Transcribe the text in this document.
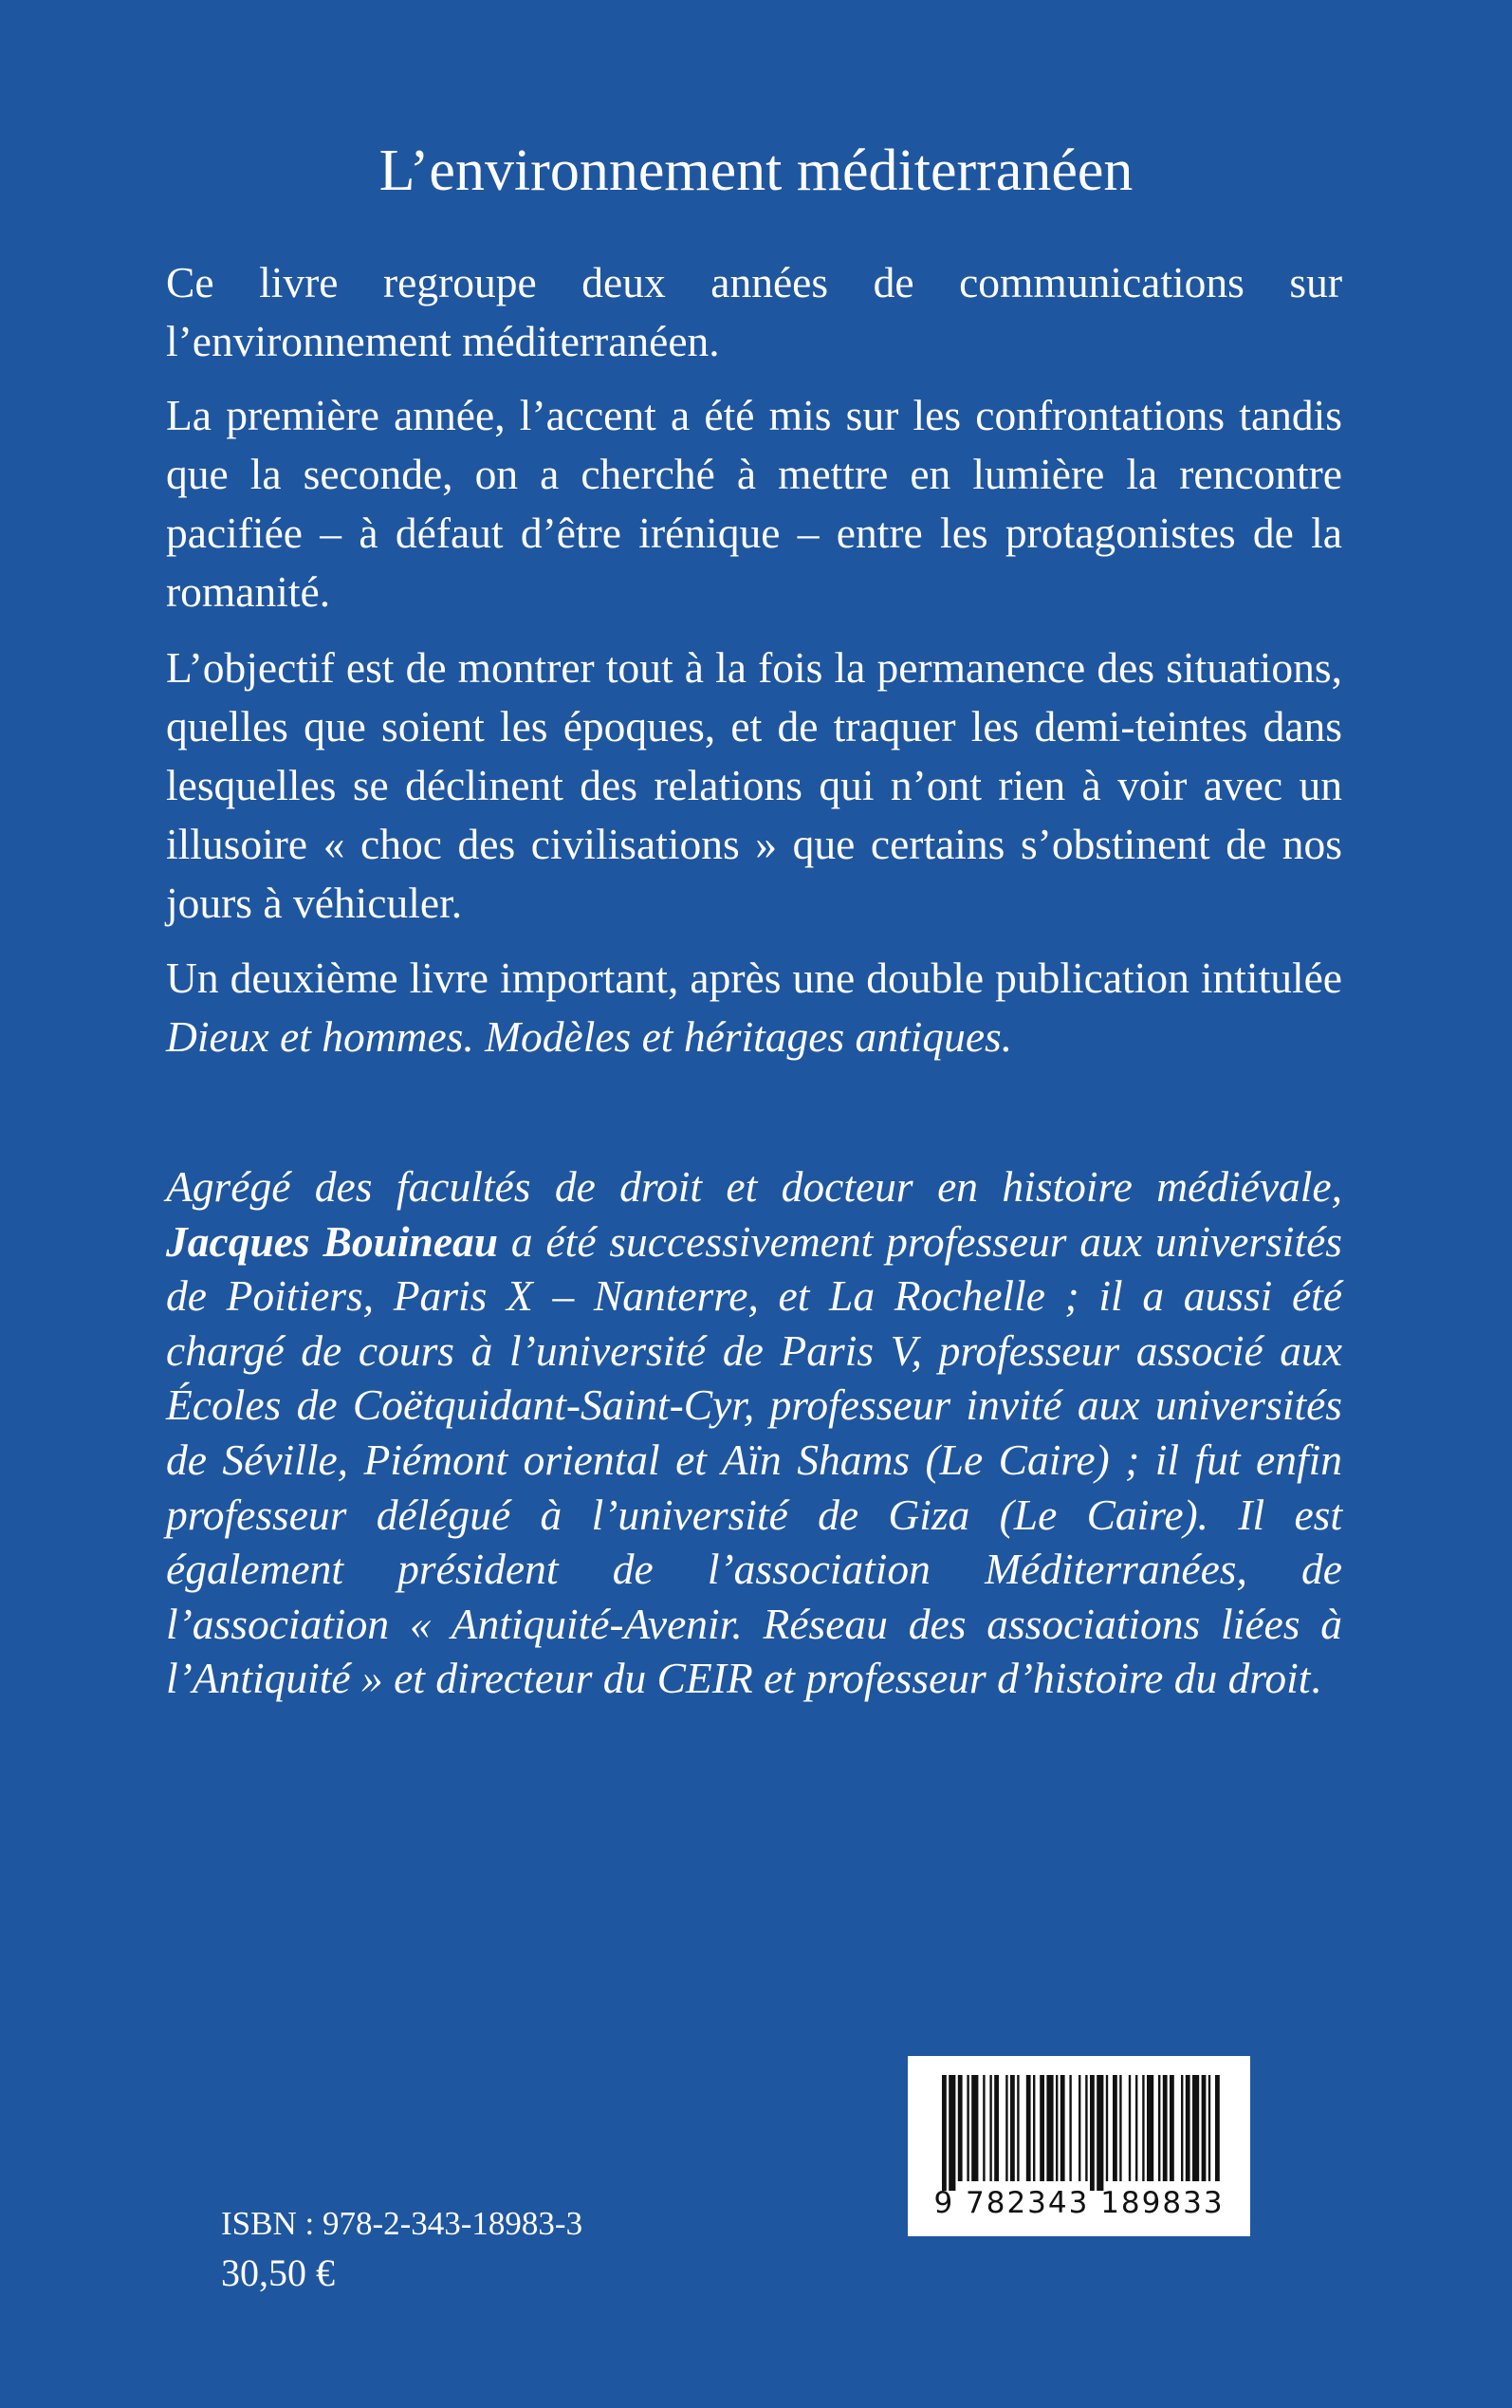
L’environnement méditerranéen

Ce livre regroupe deux années de communications sur l’environnement méditerranéen.

La première année, l’accent a été mis sur les confrontations tandis que la seconde, on a cherché à mettre en lumière la rencontre pacifiée – à défaut d’être irénique – entre les protagonistes de la romanité.

L’objectif est de montrer tout à la fois la permanence des situations, quelles que soient les époques, et de traquer les demi-teintes dans lesquelles se déclinent des relations qui n’ont rien à voir avec un illusoire « choc des civilisations » que certains s’obstinent de nos jours à véhiculer.

Un deuxième livre important, après une double publication intitulée Dieux et hommes. Modèles et héritages antiques.

Agrégé des facultés de droit et docteur en histoire médiévale, Jacques Bouineau a été successivement professeur aux universités de Poitiers, Paris X – Nanterre, et La Rochelle ; il a aussi été chargé de cours à l’université de Paris V, professeur associé aux Écoles de Coëtquidant-Saint-Cyr, professeur invité aux universités de Séville, Piémont oriental et Aïn Shams (Le Caire) ; il fut enfin professeur délégué à l’université de Giza (Le Caire). Il est également président de l’association Méditerranées, de l’association « Antiquité-Avenir. Réseau des associations liées à l’Antiquité » et directeur du CEIR et professeur d’histoire du droit.

9 782343 189833

ISBN : 978-2-343-18983-3

30,50 €
